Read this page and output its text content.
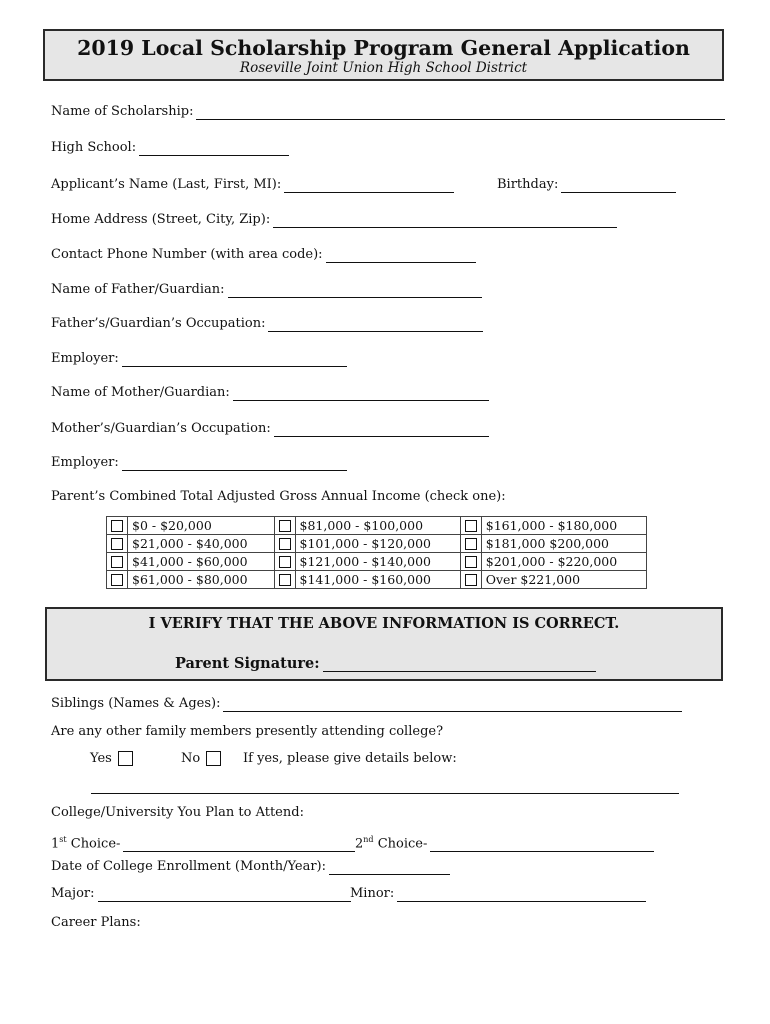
2019 Local Scholarship Program General Application
Roseville Joint Union High School District
Name of Scholarship:
High School:
Applicant’s Name (Last, First, MI):	Birthday:
Home Address (Street, City, Zip):
Contact Phone Number (with area code):
Name of Father/Guardian:
Father’s/Guardian’s Occupation:
Employer:
Name of Mother/Guardian:
Mother’s/Guardian’s Occupation:
Employer:
Parent’s Combined Total Adjusted Gross Annual Income (check one):
	$0 - $20,000		$81,000 - $100,000		$161,000 - $180,000
	$21,000 - $40,000		$101,000 - $120,000		$181,000 $200,000
	$41,000 - $60,000		$121,000 - $140,000		$201,000 - $220,000
	$61,000 - $80,000		$141,000 - $160,000		Over $221,000
I VERIFY THAT THE ABOVE INFORMATION IS CORRECT.
Parent Signature:
Siblings (Names & Ages):
Are any other family members presently attending college?
Yes	No	If yes, please give details below:
College/University You Plan to Attend:
1st Choice-	2nd Choice-
Date of College Enrollment (Month/Year):
Major:	Minor:
Career Plans:
